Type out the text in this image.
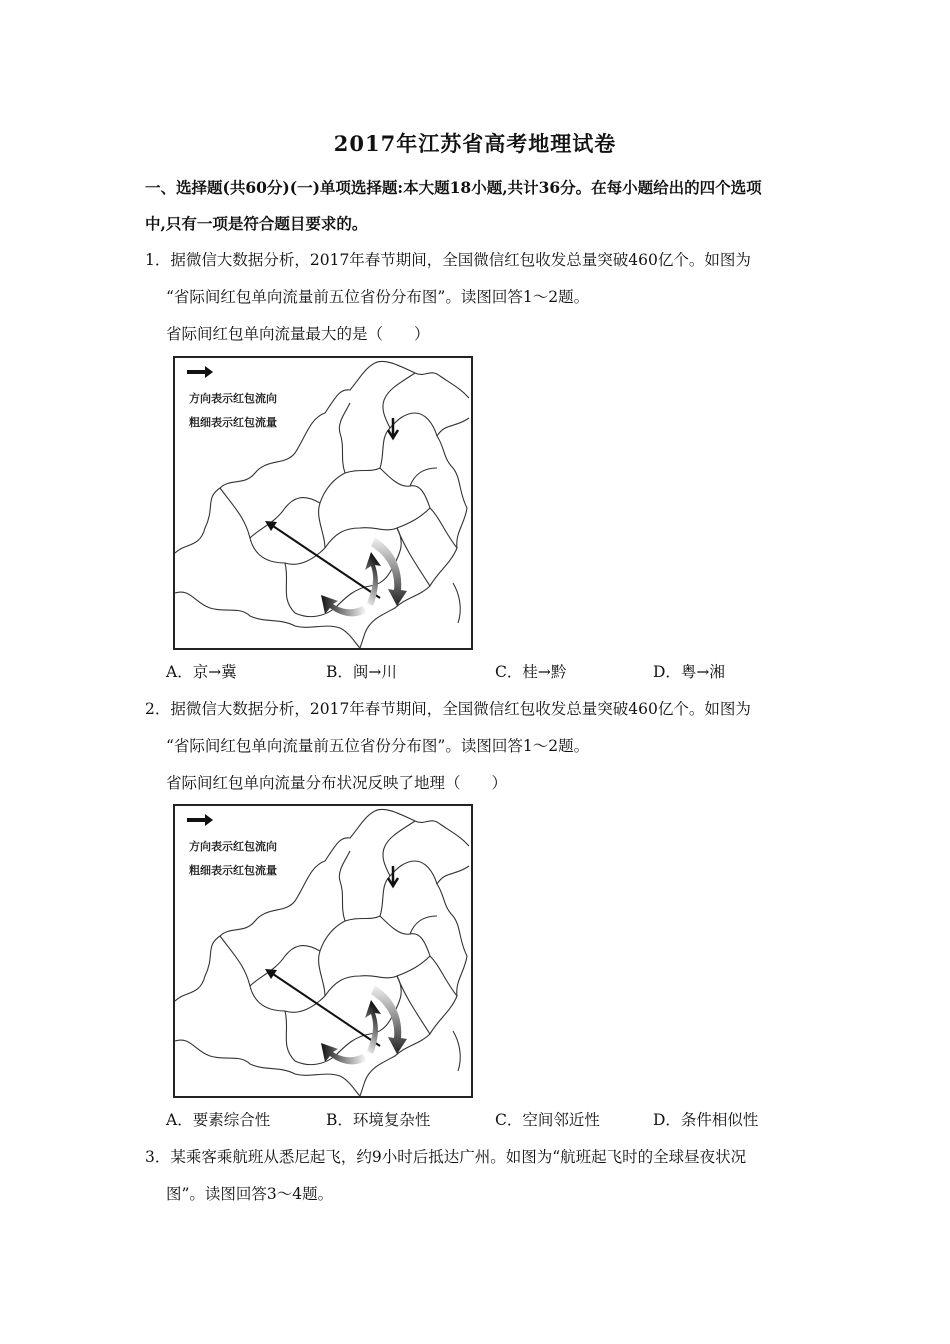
2017年江苏省高考地理试卷
一、选择题(共60分)(一)单项选择题:本大题18小题,共计36分。在每小题给出的四个选项
中,只有一项是符合题目要求的。
1．据微信大数据分析，2017年春节期间，全国微信红包收发总量突破460亿个。如图为
“省际间红包单向流量前五位省份分布图”。读图回答1～2题。
省际间红包单向流量最大的是（　　）
方向表示红包流向
粗细表示红包流量
A．京→冀	B．闽→川	C．桂→黔	D．粤→湘
2．据微信大数据分析，2017年春节期间，全国微信红包收发总量突破460亿个。如图为
“省际间红包单向流量前五位省份分布图”。读图回答1～2题。
省际间红包单向流量分布状况反映了地理（　　）
方向表示红包流向
粗细表示红包流量
A．要素综合性	B．环境复杂性	C．空间邻近性	D．条件相似性
3．某乘客乘航班从悉尼起飞，约9小时后抵达广州。如图为“航班起飞时的全球昼夜状况
图”。读图回答3～4题。
